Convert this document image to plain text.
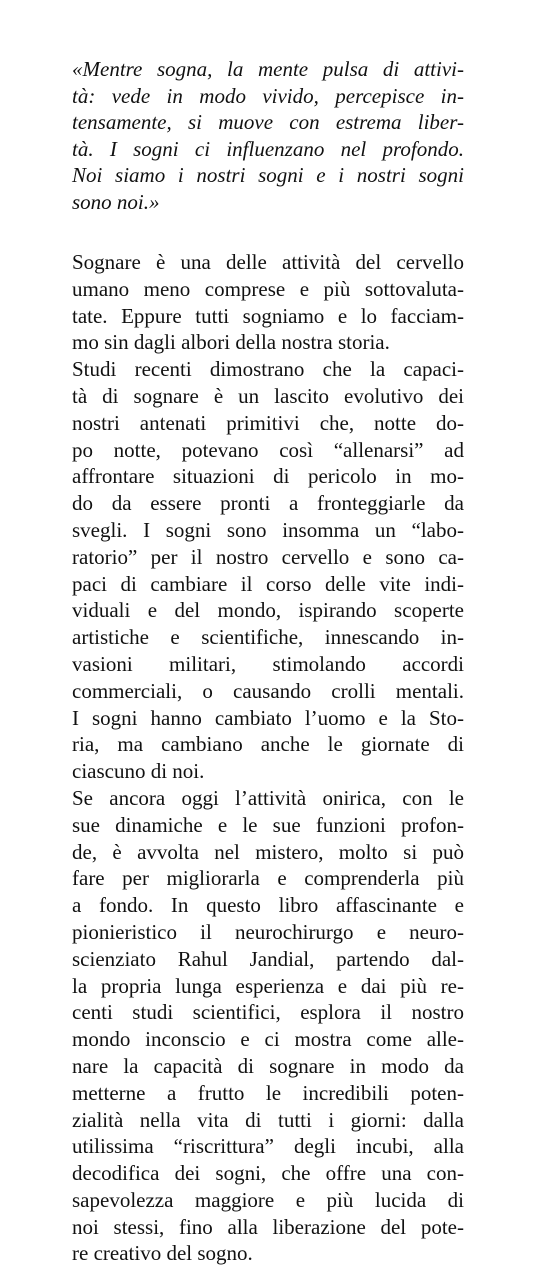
«Mentre sogna, la mente pulsa di attivi-
tà: vede in modo vivido, percepisce in-
tensamente, si muove con estrema liber-
tà. I sogni ci influenzano nel profondo.
Noi siamo i nostri sogni e i nostri sogni
sono noi.»

Sognare è una delle attività del cervello
umano meno comprese e più sottovaluta-
tate. Eppure tutti sogniamo e lo facciam-
mo sin dagli albori della nostra storia.

Studi recenti dimostrano che la capaci-
tà di sognare è un lascito evolutivo dei
nostri antenati primitivi che, notte do-
po notte, potevano così “allenarsi” ad
affrontare situazioni di pericolo in mo-
do da essere pronti a fronteggiarle da
svegli. I sogni sono insomma un “labo-
ratorio” per il nostro cervello e sono ca-
paci di cambiare il corso delle vite indi-
viduali e del mondo, ispirando scoperte
artistiche e scientifiche, innescando in-
vasioni militari, stimolando accordi
commerciali, o causando crolli mentali.
I sogni hanno cambiato l’uomo e la Sto-
ria, ma cambiano anche le giornate di
ciascuno di noi.

Se ancora oggi l’attività onirica, con le
sue dinamiche e le sue funzioni profon-
de, è avvolta nel mistero, molto si può
fare per migliorarla e comprenderla più
a fondo. In questo libro affascinante e
pionieristico il neurochirurgo e neuro-
scienziato Rahul Jandial, partendo dal-
la propria lunga esperienza e dai più re-
centi studi scientifici, esplora il nostro
mondo inconscio e ci mostra come alle-
nare la capacità di sognare in modo da
metterne a frutto le incredibili poten-
zialità nella vita di tutti i giorni: dalla
utilissima “riscrittura” degli incubi, alla
decodifica dei sogni, che offre una con-
sapevolezza maggiore e più lucida di
noi stessi, fino alla liberazione del pote-
re creativo del sogno.
